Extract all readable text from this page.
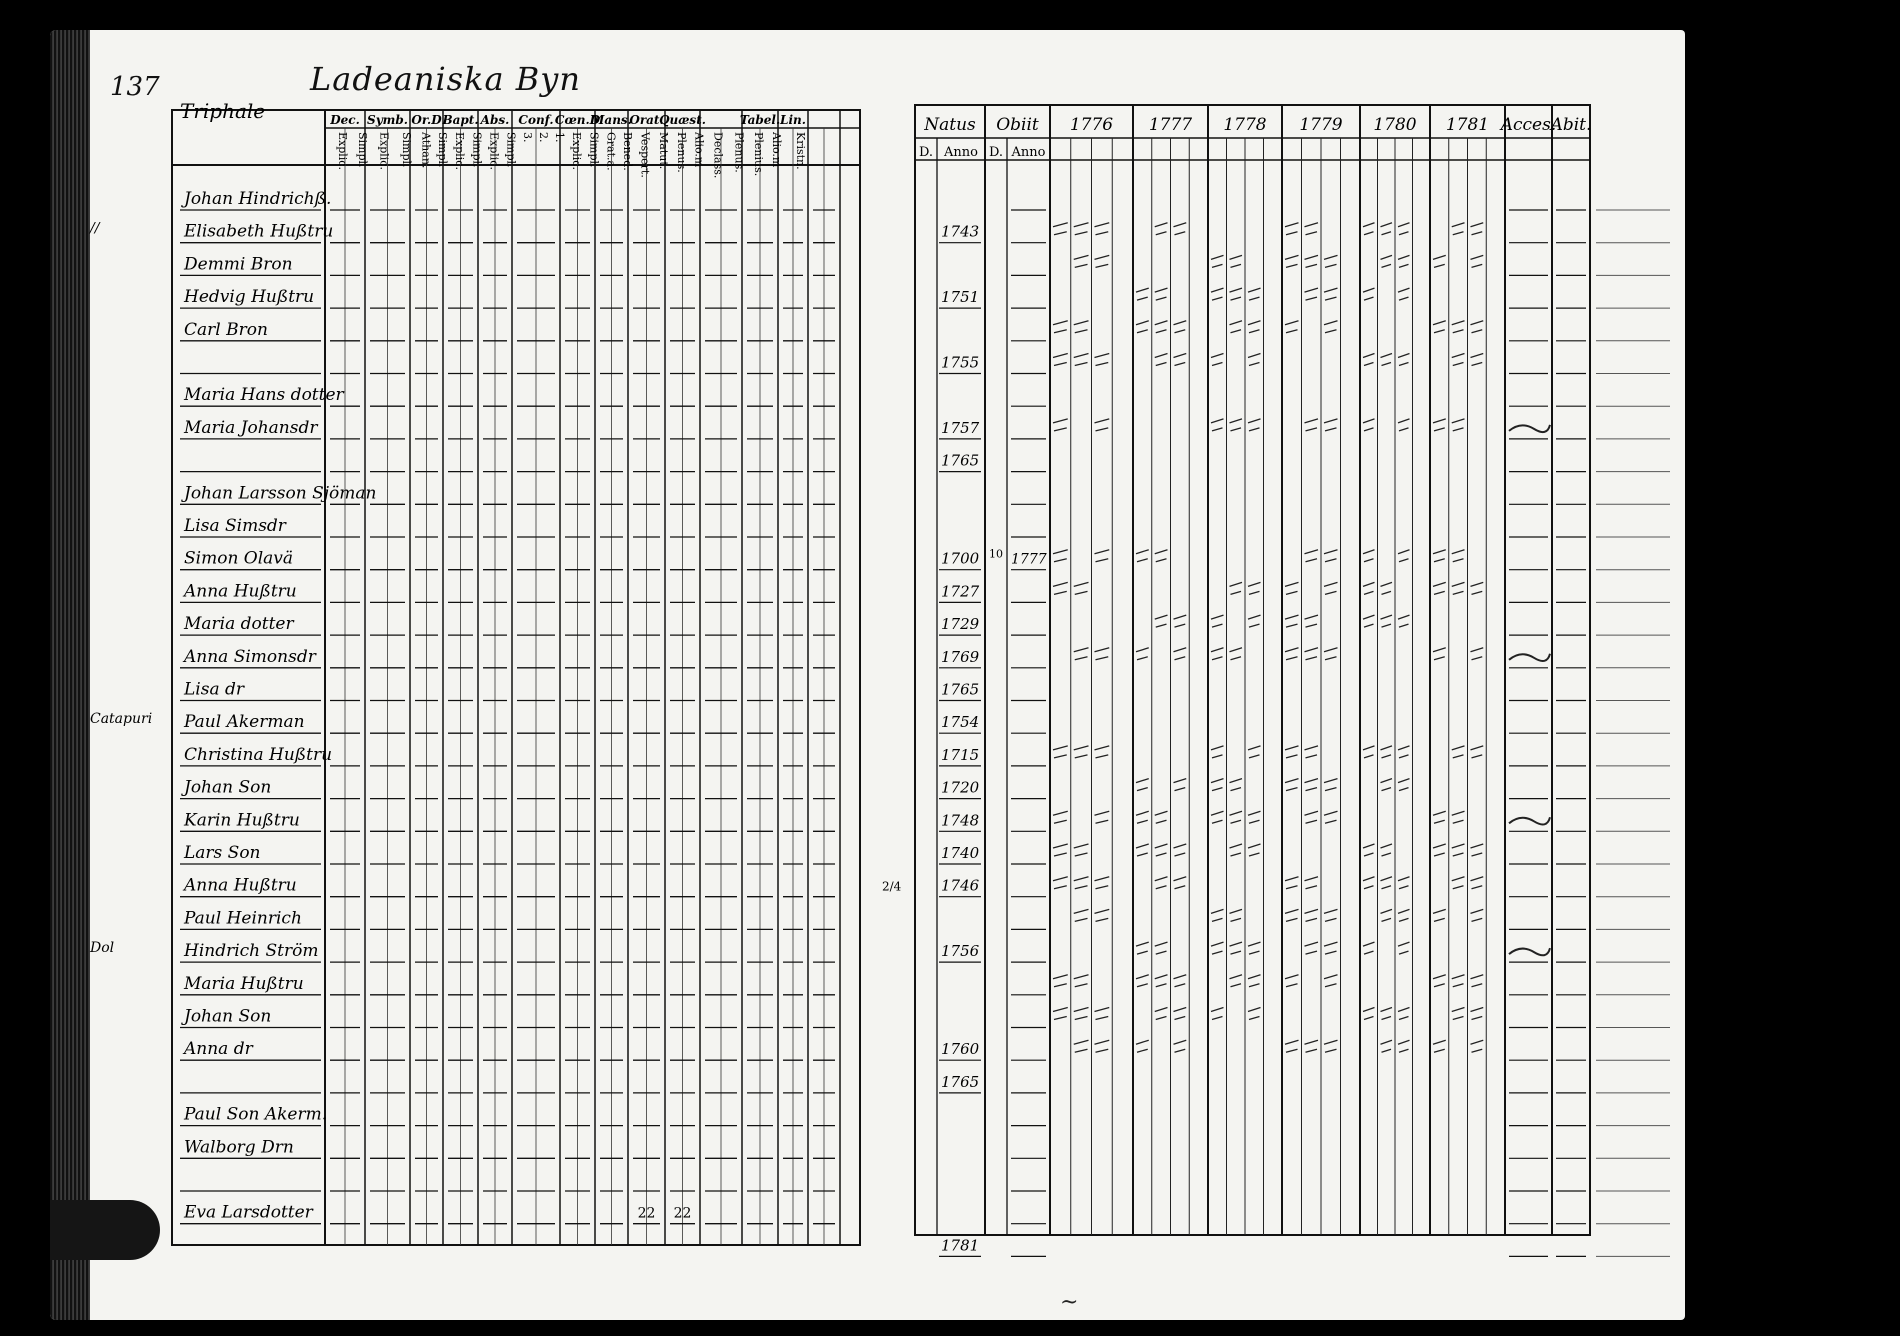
137	Ladeaniska Byn
Triphale	Dec.
Explic. Simpl.
Symb.
Explic. Simpl.
Or.D
Athan. Simpl.
Bapt.
Explic. Simpl.
Abs.
Explic. Simpl.
Conf.
3. 2. 1.
Cœn.D
Explic. Simpl.
Mans.
Grat.a. Bened.
Orat.
Vespert. Matut.
Quæst.
Plenus. Alio.m Declass. Plenus.
Tabel.
Plenius. Alio.m
Lin.
Kristn.
Johan Hindrichß.
Elisabeth Hußtru
Demmi Bron
Hedvig Hußtru
Carl Bron
Maria Hans dotter
Maria Johansdr
Johan Larsson Sjöman
Lisa Simsdr
Simon Olavä
Anna Hußtru
Maria dotter
Anna Simonsdr
Lisa dr
Paul Akerman
Christina Hußtru
Johan Son
Karin Hußtru
Lars Son
Anna Hußtru
Paul Heinrich
Hindrich Ström
Maria Hußtru
Johan Son
Anna dr
Paul Son Akerm.
Walborg Drn
Eva Larsdotter
//
Catapuri
Dol
22 22
Natus
D. Anno
Obiit
D. Anno
1776 1777 1778 1779 1780 1781 Acces.
Abit.
1743
1751
1755
1757
1765
1700
1727
1729
1769
1765
1754
1715
1720
1748
1740
1746
1756
1760
1765
1781
10 1777
2/4
~
